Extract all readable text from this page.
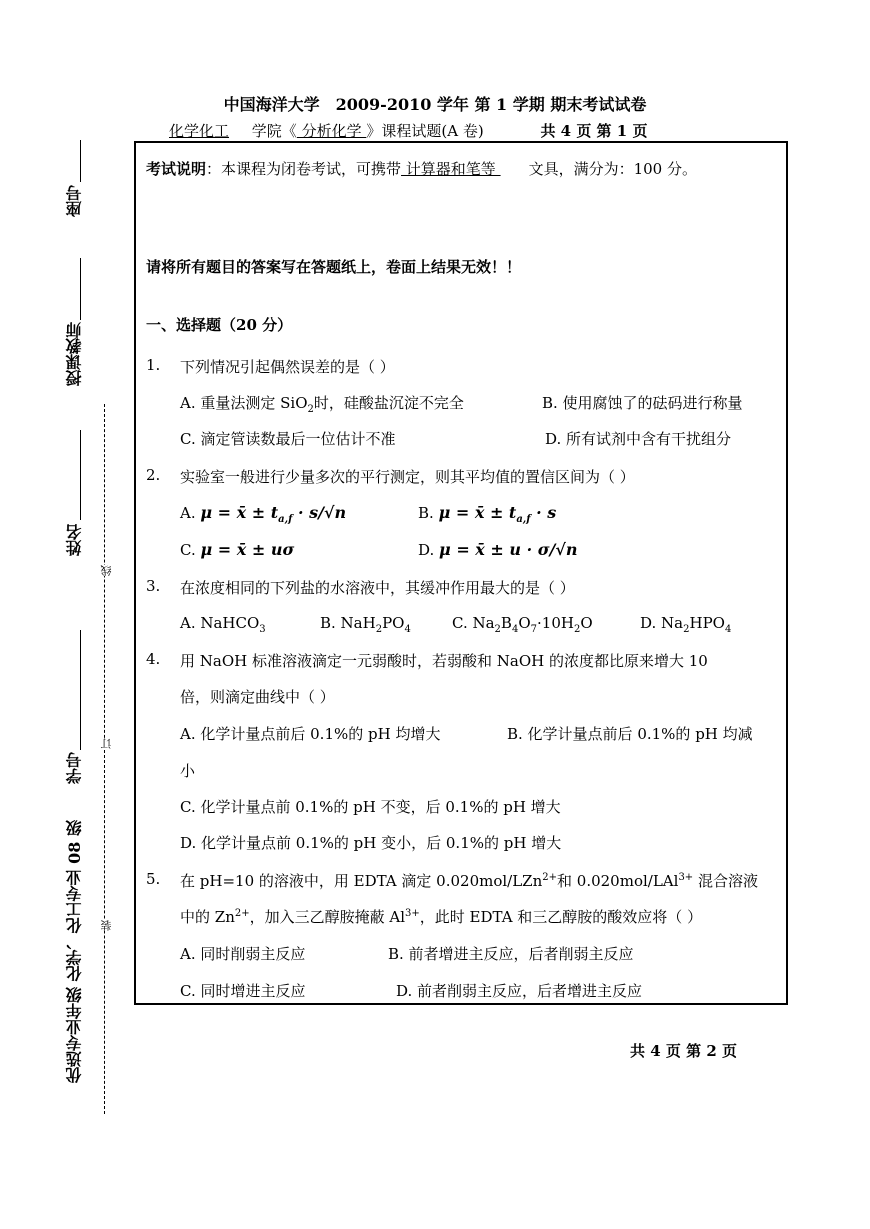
中国海洋大学　2009-2010 学年 第 1 学期 期末考试试卷
化学化工 学院《 分析化学 》课程试题(A 卷)	共 4 页 第 1 页
座号
授课教师
姓名
学号
优选专业年级 化学、化工专业 08 级
线
订
装
考试说明：本课程为闭卷考试，可携带 计算器和笔等 文具，满分为：100 分。
请将所有题目的答案写在答题纸上，卷面上结果无效！！
一、选择题（20 分）
1. 下列情况引起偶然误差的是（ ）
A. 重量法测定 SiO$_2$时，硅酸盐沉淀不完全	B. 使用腐蚀了的砝码进行称量
C. 滴定管读数最后一位估计不准	D. 所有试剂中含有干扰组分
2. 实验室一般进行少量多次的平行测定，则其平均值的置信区间为（ ）
A. μ = x̄ ± $t_{a,f} \cdot s/√n$	B. μ = x̄ ± $t_{a,f} \cdot s$
C. μ = x̄ ± uσ	D. μ = x̄ ± u · σ/√n
3. 在浓度相同的下列盐的水溶液中，其缓冲作用最大的是（ ）
A. NaHCO$_3$	B. $NaH_2PO_4$	C. $Na_2B_4O_7\cdot 10H_2O$	D. $Na_2HPO_4$
4. 用 NaOH 标准溶液滴定一元弱酸时，若弱酸和 NaOH 的浓度都比原来增大 10
倍，则滴定曲线中（ ）
A. 化学计量点前后 0.1%的 pH 均增大	B. 化学计量点前后 0.1%的 pH 均减
小
C. 化学计量点前 0.1%的 pH 不变，后 0.1%的 pH 增大
D. 化学计量点前 0.1%的 pH 变小，后 0.1%的 pH 增大
5. 在 pH=10 的溶液中，用 EDTA 滴定 0.020mol/LZn$^{2+}$和 0.020mol/LAl$^{3+}$ 混合溶液
中的 $Zn^{2+}$，加入三乙醇胺掩蔽 $Al^{3+}$，此时 EDTA 和三乙醇胺的酸效应将（ ）
A. 同时削弱主反应	B. 前者增进主反应，后者削弱主反应
C. 同时增进主反应	D. 前者削弱主反应，后者增进主反应
共 4 页 第 2 页
